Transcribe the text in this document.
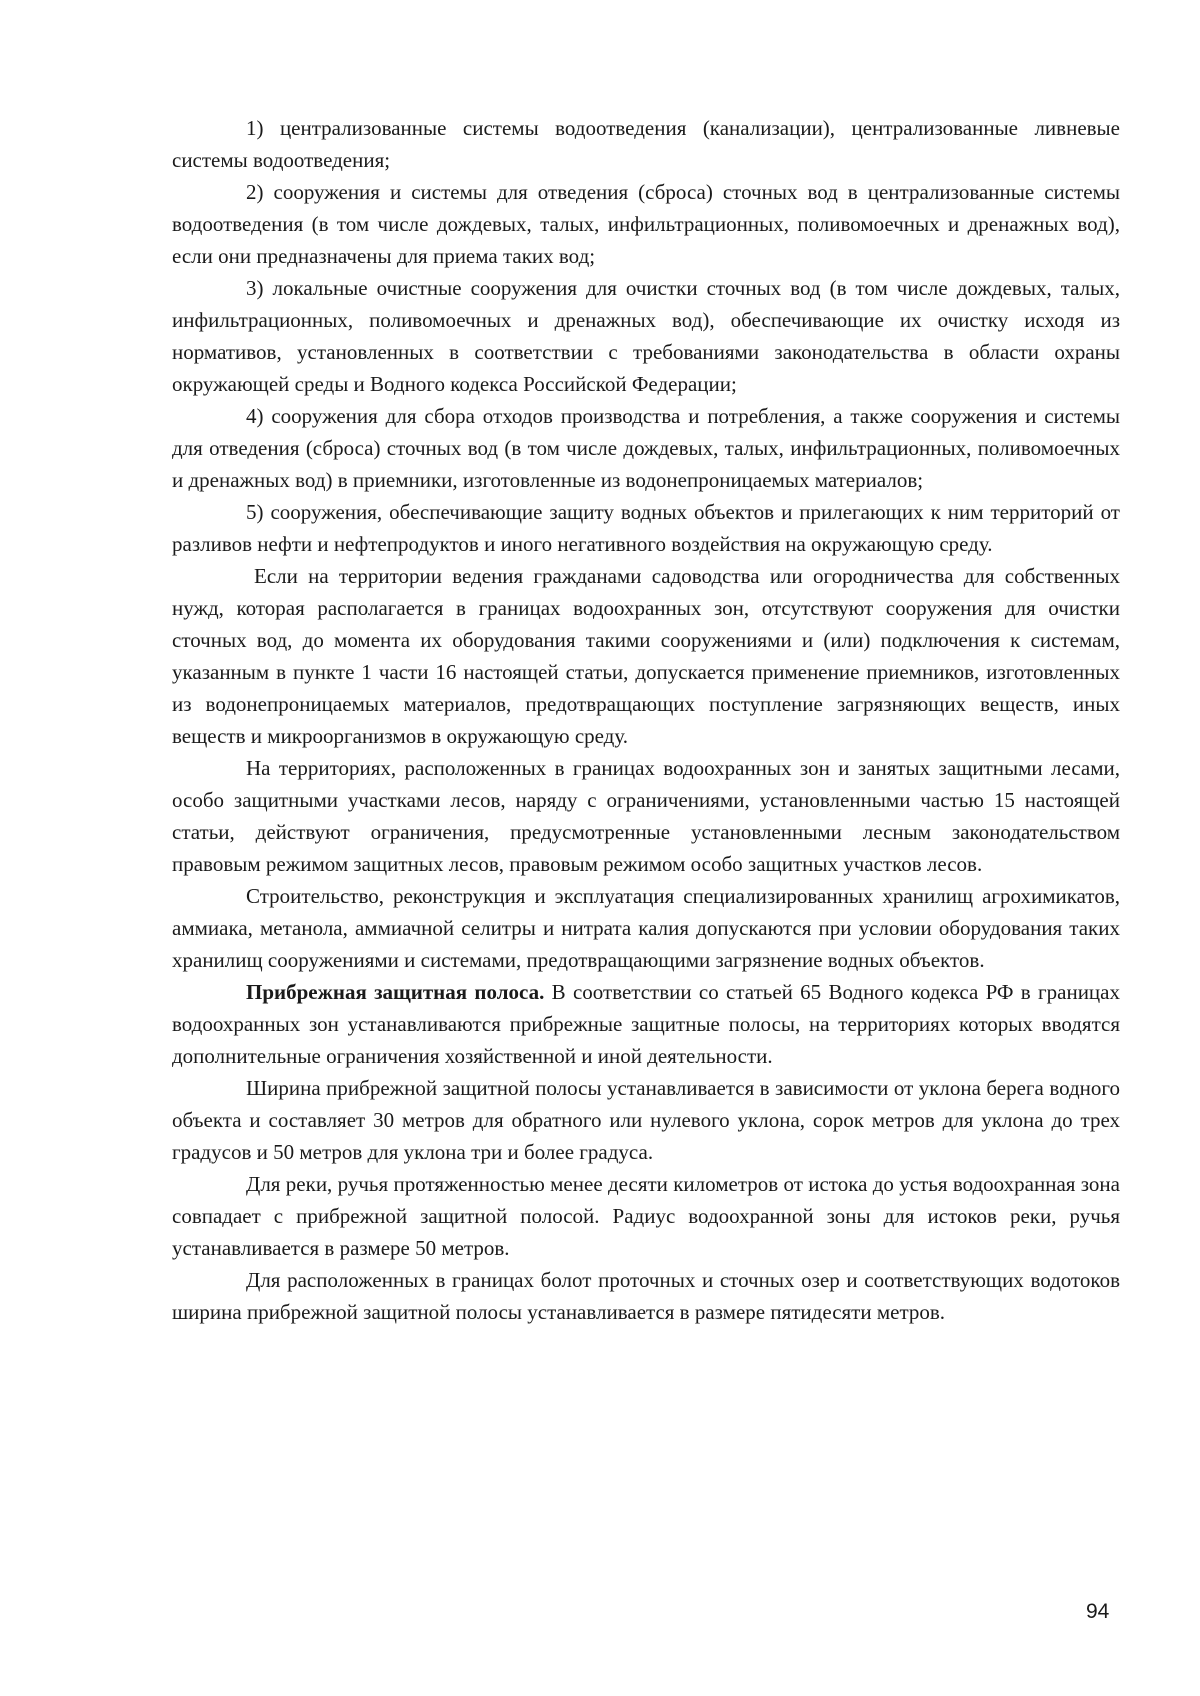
1) централизованные системы водоотведения (канализации), централизованные ливневые системы водоотведения;

2) сооружения и системы для отведения (сброса) сточных вод в централизованные системы водоотведения (в том числе дождевых, талых, инфильтрационных, поливомоечных и дренажных вод), если они предназначены для приема таких вод;

3) локальные очистные сооружения для очистки сточных вод (в том числе дождевых, талых, инфильтрационных, поливомоечных и дренажных вод), обеспечивающие их очистку исходя из нормативов, установленных в соответствии с требованиями законодательства в области охраны окружающей среды и Водного кодекса Российской Федерации;

4) сооружения для сбора отходов производства и потребления, а также сооружения и системы для отведения (сброса) сточных вод (в том числе дождевых, талых, инфильтрационных, поливомоечных и дренажных вод) в приемники, изготовленные из водонепроницаемых материалов;

5) сооружения, обеспечивающие защиту водных объектов и прилегающих к ним территорий от разливов нефти и нефтепродуктов и иного негативного воздействия на окружающую среду.

Если на территории ведения гражданами садоводства или огородничества для собственных нужд, которая располагается в границах водоохранных зон, отсутствуют сооружения для очистки сточных вод, до момента их оборудования такими сооружениями и (или) подключения к системам, указанным в пункте 1 части 16 настоящей статьи, допускается применение приемников, изготовленных из водонепроницаемых материалов, предотвращающих поступление загрязняющих веществ, иных веществ и микроорганизмов в окружающую среду.

На территориях, расположенных в границах водоохранных зон и занятых защитными лесами, особо защитными участками лесов, наряду с ограничениями, установленными частью 15 настоящей статьи, действуют ограничения, предусмотренные установленными лесным законодательством правовым режимом защитных лесов, правовым режимом особо защитных участков лесов.

Строительство, реконструкция и эксплуатация специализированных хранилищ агрохимикатов, аммиака, метанола, аммиачной селитры и нитрата калия допускаются при условии оборудования таких хранилищ сооружениями и системами, предотвращающими загрязнение водных объектов.

Прибрежная защитная полоса. В соответствии со статьей 65 Водного кодекса РФ в границах водоохранных зон устанавливаются прибрежные защитные полосы, на территориях которых вводятся дополнительные ограничения хозяйственной и иной деятельности.

Ширина прибрежной защитной полосы устанавливается в зависимости от уклона берега водного объекта и составляет 30 метров для обратного или нулевого уклона, сорок метров для уклона до трех градусов и 50 метров для уклона три и более градуса.

Для реки, ручья протяженностью менее десяти километров от истока до устья водоохранная зона совпадает с прибрежной защитной полосой. Радиус водоохранной зоны для истоков реки, ручья устанавливается в размере 50 метров.

Для расположенных в границах болот проточных и сточных озер и соответствующих водотоков ширина прибрежной защитной полосы устанавливается в размере пятидесяти метров.

94
